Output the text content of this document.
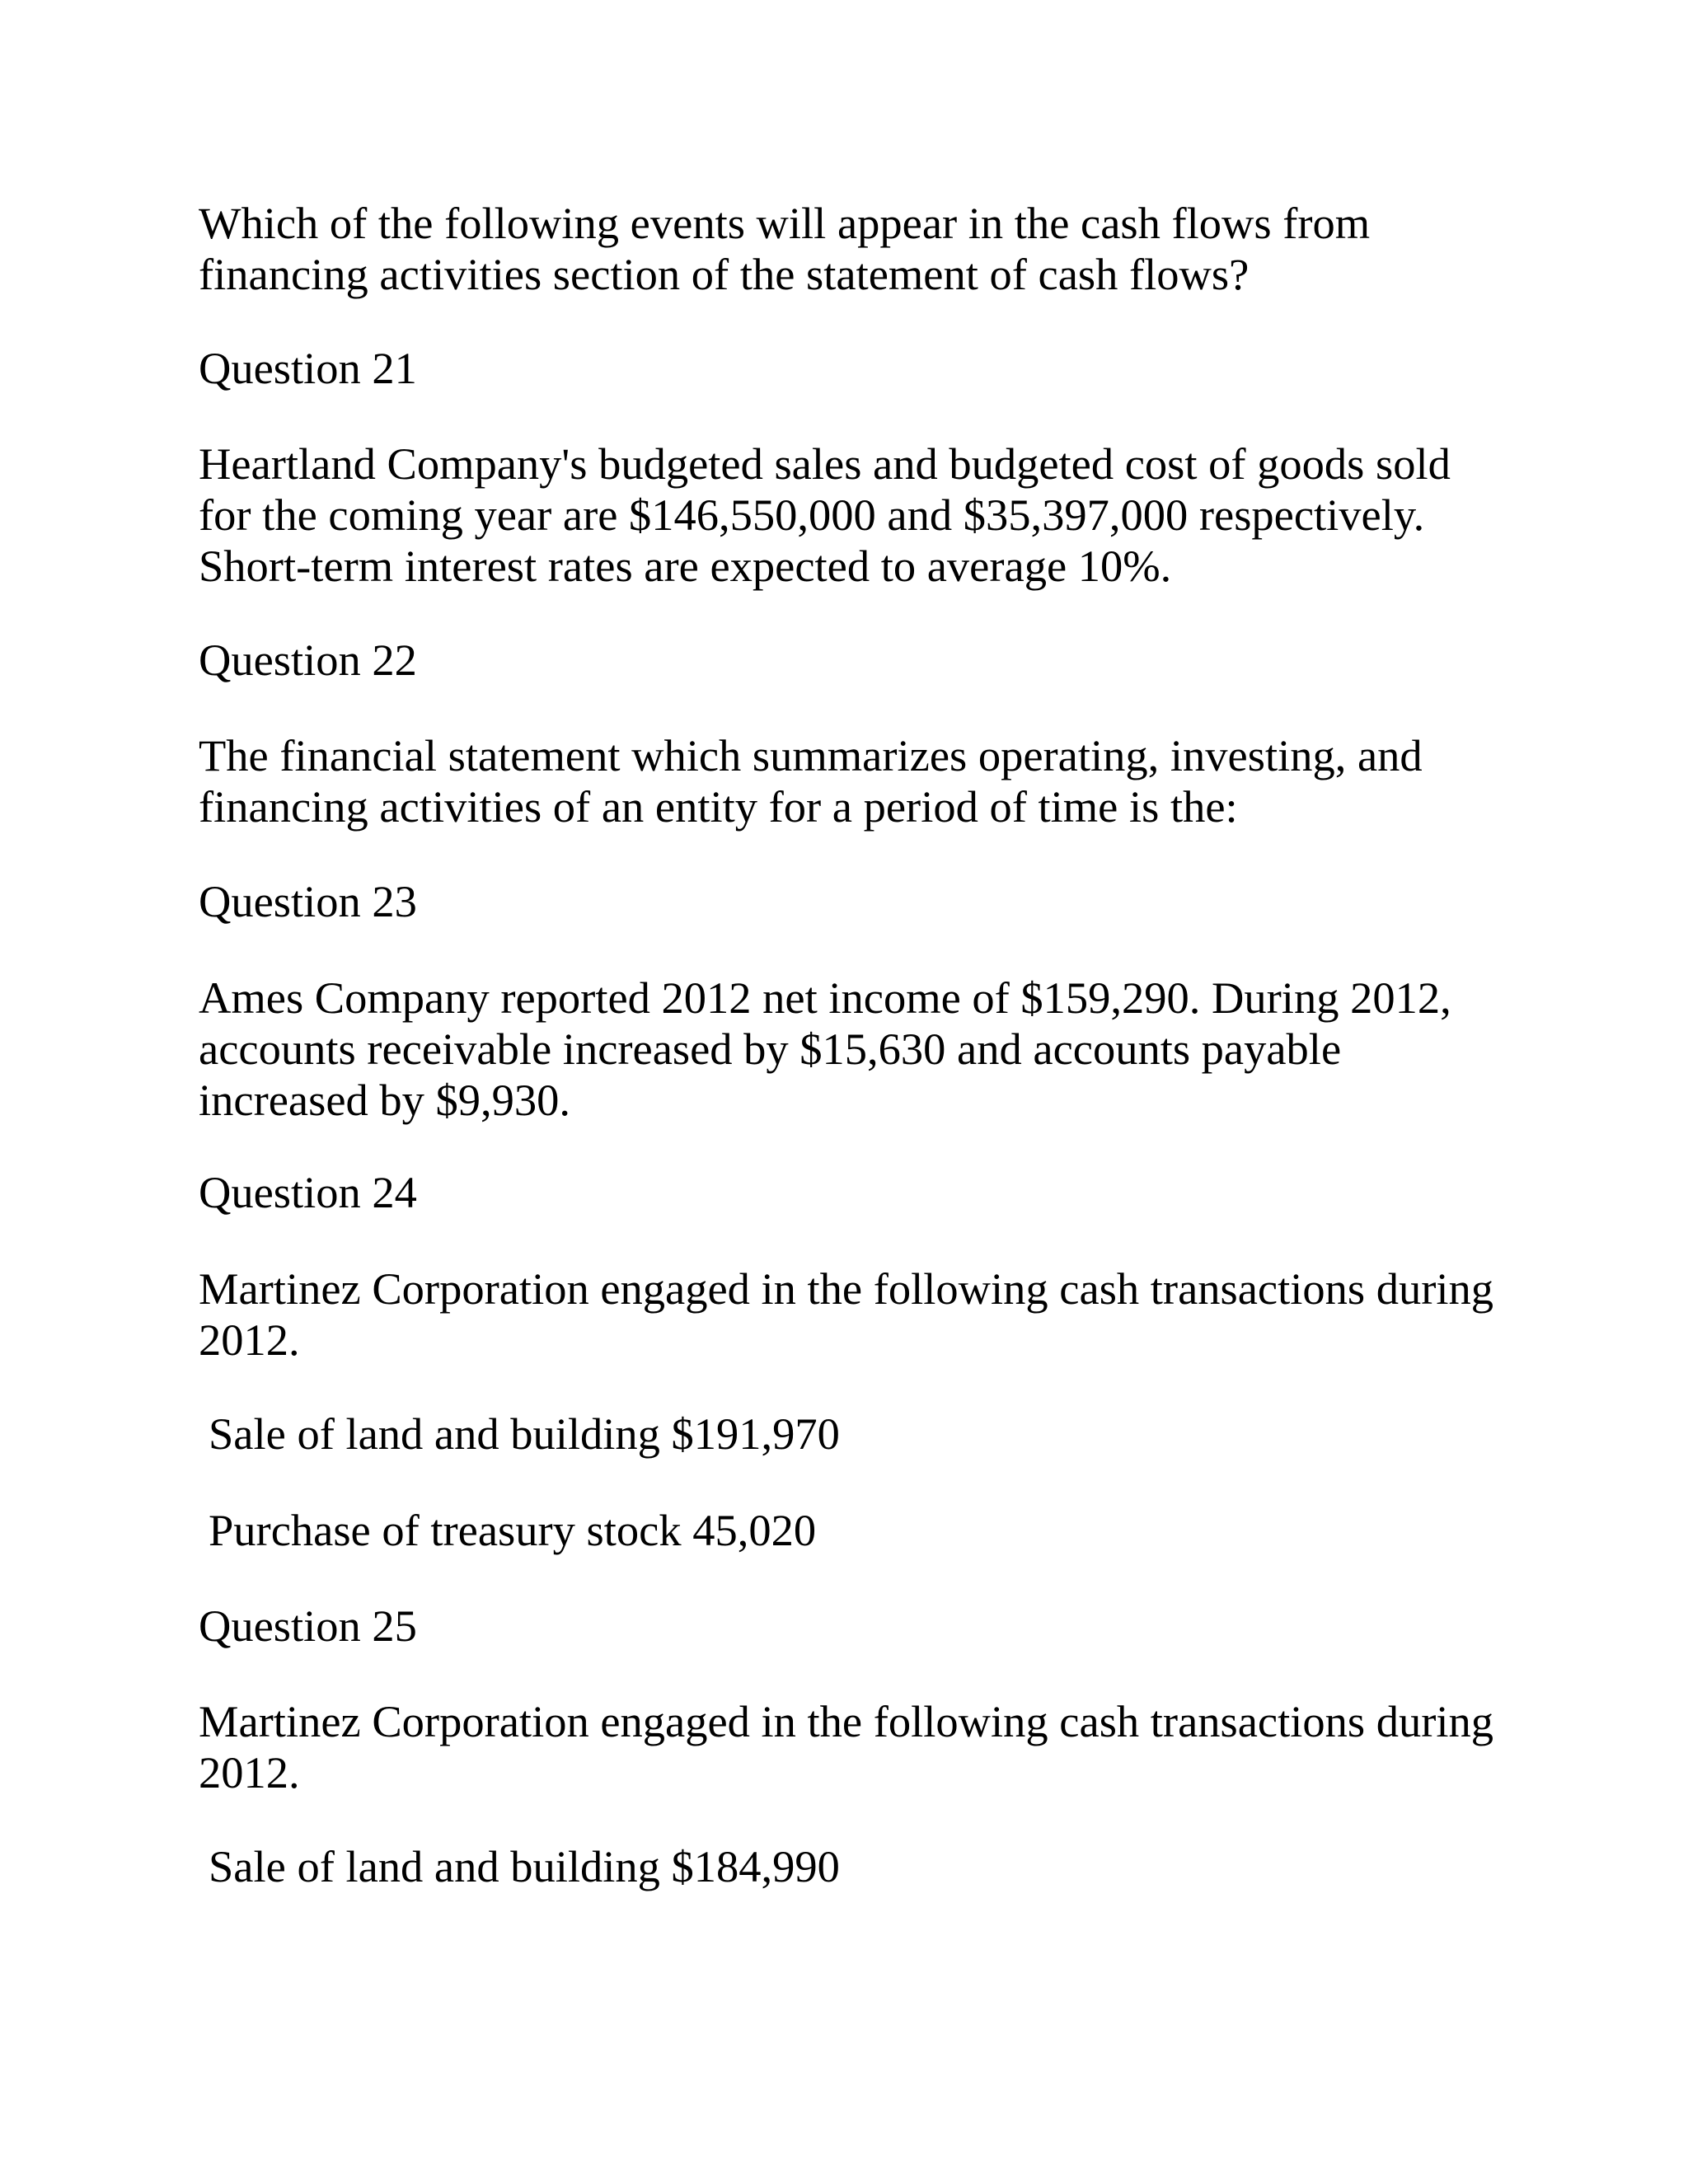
Which of the following events will appear in the cash flows from
financing activities section of the statement of cash flows?

Question 21

Heartland Company's budgeted sales and budgeted cost of goods sold
for the coming year are $146,550,000 and $35,397,000 respectively.
Short-term interest rates are expected to average 10%.

Question 22

The financial statement which summarizes operating, investing, and
financing activities of an entity for a period of time is the:

Question 23

Ames Company reported 2012 net income of $159,290. During 2012,
accounts receivable increased by $15,630 and accounts payable
increased by $9,930.

Question 24

Martinez Corporation engaged in the following cash transactions during
2012.

Sale of land and building $191,970

Purchase of treasury stock 45,020

Question 25

Martinez Corporation engaged in the following cash transactions during
2012.

Sale of land and building $184,990
